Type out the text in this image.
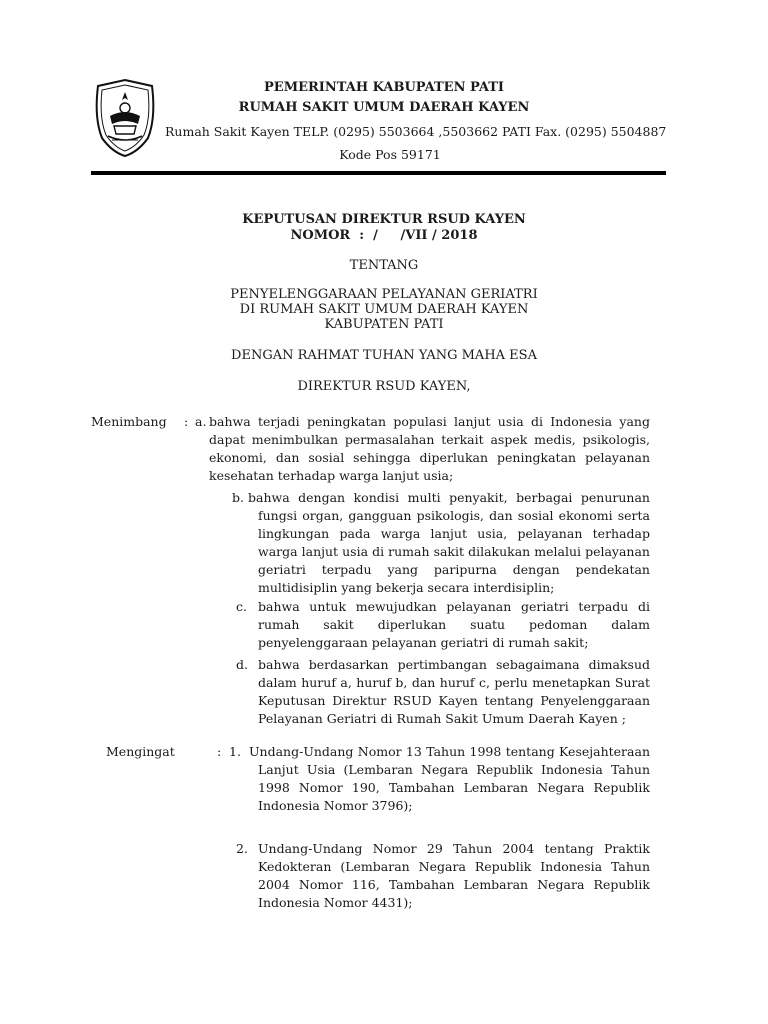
PEMERINTAH KABUPATEN PATI
RUMAH SAKIT UMUM DAERAH KAYEN
Rumah Sakit Kayen TELP. (0295) 5503664 ,5503662 PATI Fax. (0295) 5504887
Kode Pos 59171
KEPUTUSAN DIREKTUR RSUD KAYEN
NOMOR  :  /     /VII / 2018
TENTANG
PENYELENGGARAAN PELAYANAN GERIATRI
DI RUMAH SAKIT UMUM DAERAH KAYEN
KABUPATEN PATI
DENGAN RAHMAT TUHAN YANG MAHA ESA
DIREKTUR RSUD KAYEN,
Menimbang : a. bahwa terjadi peningkatan populasi lanjut usia di Indonesia yang dapat menimbulkan permasalahan terkait aspek medis, psikologis, ekonomi, dan sosial sehingga diperlukan peningkatan pelayanan kesehatan terhadap warga lanjut usia;

b. bahwa dengan kondisi multi penyakit, berbagai penurunan fungsi organ, gangguan psikologis, dan sosial ekonomi serta lingkungan pada warga lanjut usia, pelayanan terhadap warga lanjut usia di rumah sakit dilakukan melalui pelayanan geriatri terpadu yang paripurna dengan pendekatan multidisiplin yang bekerja secara interdisiplin;

c. bahwa untuk mewujudkan pelayanan geriatri terpadu di rumah sakit diperlukan suatu pedoman dalam penyelenggaraan pelayanan geriatri di rumah sakit;

d. bahwa berdasarkan pertimbangan sebagaimana dimaksud dalam huruf a, huruf b, dan huruf c, perlu menetapkan Surat Keputusan Direktur RSUD Kayen tentang Penyelenggaraan Pelayanan Geriatri di Rumah Sakit Umum Daerah Kayen ;

Mengingat	: 1. Undang-Undang Nomor 13 Tahun 1998 tentang Kesejahteraan Lanjut Usia (Lembaran Negara Republik Indonesia Tahun 1998 Nomor 190, Tambahan Lembaran Negara Republik Indonesia Nomor 3796);

2. Undang-Undang Nomor 29 Tahun 2004 tentang Praktik Kedokteran (Lembaran Negara Republik Indonesia Tahun 2004 Nomor 116, Tambahan Lembaran Negara Republik Indonesia Nomor 4431);
